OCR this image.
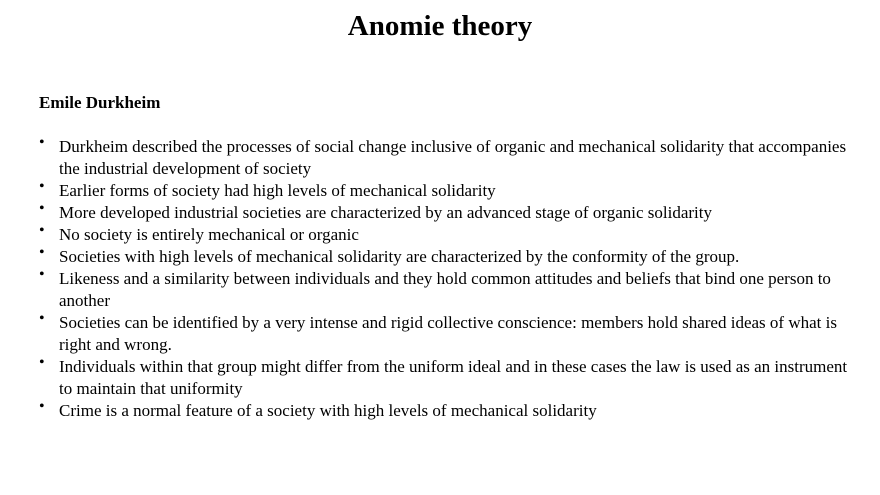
Anomie theory
Emile Durkheim
• Durkheim described the processes of social change inclusive of organic and mechanical solidarity that accompanies the industrial development of society
• Earlier forms of society had high levels of mechanical solidarity
• More developed industrial societies are characterized by an advanced stage of organic solidarity
• No society is entirely mechanical or organic
• Societies with high levels of mechanical solidarity are characterized by the conformity of the group.
• Likeness and a similarity between individuals and they hold common attitudes and beliefs that bind one person to another
• Societies can be identified by a very intense and rigid collective conscience: members hold shared ideas of what is right and wrong.
• Individuals within that group might differ from the uniform ideal and in these cases the law is used as an instrument to maintain that uniformity
• Crime is a normal feature of a society with high levels of mechanical solidarity
